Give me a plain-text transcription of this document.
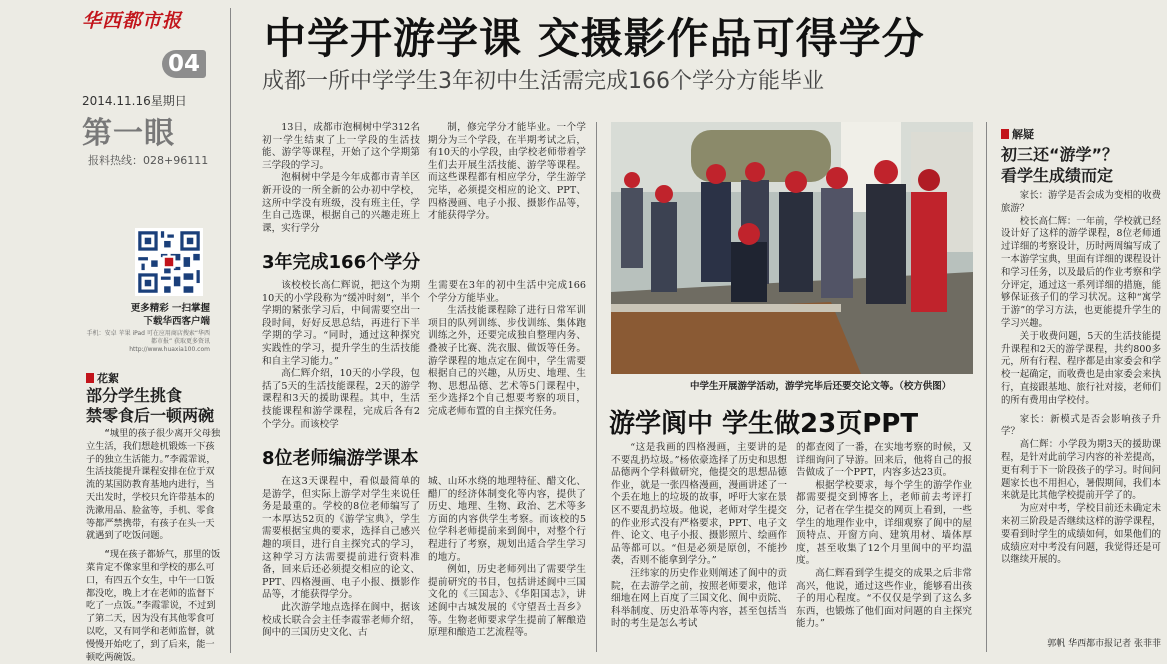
华西都市报
04
2014.11.16星期日
第一眼
报料热线：028+96111
更多精彩 一扫掌握
下载华西客户端
手机：安卓 苹果 iPad 可在应用商店搜索“华西都市报” 获取更多资讯 http://www.huaxia100.com
花絮
部分学生挑食
禁零食后一顿两碗

“城里的孩子很少离开父母独立生活，我们想趁机锻炼一下孩子的独立生活能力。”李霞霏说，生活技能提升课程安排在位于双流的某国防教育基地内进行，当天出发时，学校只允许带基本的洗漱用品、脸盆等，手机、零食等都严禁携带，有孩子在头一天就遇到了吃饭问题。

“现在孩子都娇气，那里的饭菜肯定不像家里和学校的那么可口，有四五个女生，中午一口饭都没吃，晚上才在老师的监督下吃了一点饭。”李霞霏说，不过到了第二天，因为没有其他零食可以吃，又有同学和老师监督，就慢慢开始吃了，到了后来，能一顿吃两碗饭。

中学开游学课 交摄影作品可得学分
成都一所中学学生3年初中生活需完成166个学分方能毕业

13日，成都市泡桐树中学312名初一学生结束了上一学段的生活技能、游学等课程，开始了这个学期第三学段的学习。

泡桐树中学是今年成都市青羊区新开设的一所全新的公办初中学校，这所中学没有班级，没有班主任，学生自己选课，根据自己的兴趣走班上课，实行学分

制，修完学分才能毕业。一个学期分为三个学段，在半期考试之后，有10天的小学段，由学校老师带着学生们去开展生活技能、游学等课程。而这些课程都有相应学分，学生游学完毕，必须提交相应的论文、PPT、四格漫画、电子小报、摄影作品等，才能获得学分。

3年完成166个学分

该校校长高仁辉说，把这个为期10天的小学段称为“缓冲时刻”，半个学期的紧张学习后，中间需要空出一段时间，好好反思总结，再进行下半学期的学习。“同时，通过这种探究实践性的学习，提升学生的生活技能和自主学习能力。”

高仁辉介绍，10天的小学段，包括了5天的生活技能课程，2天的游学课程和3天的援助课程。其中，生活技能课程和游学课程，完成后各有2个学分。而该校学

生需要在3年的初中生活中完成166个学分方能毕业。

生活技能课程除了进行日常军训项目的队列训练、步伐训练、集体跑训练之外，还要完成独自整理内务、叠被子比赛、洗衣服、做饭等任务。游学课程的地点定在阆中，学生需要根据自己的兴趣，从历史、地理、生物、思想品德、艺术等5门课程中，至少选择2个自己想要考察的项目，完成老师布置的自主探究任务。

8位老师编游学课本

在这3天课程中，看似最简单的是游学，但实际上游学对学生来说任务是最重的。学校的8位老师编写了一本厚达52页的《游学宝典》，学生需要根据宝典的要求，选择自己感兴趣的项目，进行自主探究式的学习，这种学习方法需要提前进行资料准备，回来后还必须提交相应的论文、PPT、四格漫画、电子小报、摄影作品等，才能获得学分。

此次游学地点选择在阆中，据该校成长联合会主任李霞霏老师介绍，阆中的三国历史文化、古

城、山环水绕的地理特征、醋文化、醋厂的经济体制变化等内容，提供了历史、地理、生物、政治、艺术等多方面的内容供学生考察。而该校的5位学科老师提前来到阆中，对整个行程进行了考察，规划出适合学生学习的地方。

例如，历史老师列出了需要学生提前研究的书目，包括讲述阆中三国文化的《三国志》、《华阳国志》，讲述阆中古城发展的《守望吾土吾乡》等。生物老师要求学生提前了解酿造原理和酿造工艺流程等。

中学生开展游学活动，游学完毕后还要交论文等。（校方供图）
游学阆中 学生做23页PPT

“这是我画的四格漫画，主要讲的是不要乱扔垃圾。”杨依豪选择了历史和思想品德两个学科做研究，他提交的思想品德作业，就是一张四格漫画，漫画讲述了一个丢在地上的垃圾的故事，呼吁大家在景区不要乱扔垃圾。他说，老师对学生提交的作业形式没有严格要求，PPT、电子文件、论文、电子小报、摄影照片、绘画作品等都可以。“但是必须是原创，不能抄袭，否则不能拿到学分。”

汪纬家的历史作业则阐述了阆中的贡院，在去游学之前，按照老师要求，他详细地在网上百度了三国文化、阆中贡院、科举制度、历史沿革等内容，甚至包括当时的考生是怎么考试

的都查阅了一番，在实地考察的时候，又详细询问了导游。回来后，他将自己的报告做成了一个PPT，内容多达23页。

根据学校要求，每个学生的游学作业都需要提交到博客上，老师前去考评打分，记者在学生提交的网页上看到，一些学生的地理作业中，详细观察了阆中的屋顶特点、开窗方向、建筑用材、墙体厚度，甚至收集了12个月里阆中的平均温度。

高仁辉看到学生提交的成果之后非常高兴，他说，通过这些作业，能够看出孩子的用心程度。“不仅仅是学到了这么多东西，也锻炼了他们面对问题的自主探究能力。”

解疑
初三还“游学”？
看学生成绩而定

家长：游学是否会成为变相的收费旅游？

校长高仁辉：一年前，学校就已经设计好了这样的游学课程，8位老师通过详细的考察设计，历时两周编写成了一本游学宝典，里面有详细的课程设计和学习任务，以及最后的作业考察和学分评定，通过这一系列详细的措施，能够保证孩子们的学习状况。这种“寓学于游”的学习方法，也更能提升学生的学习兴趣。

关于收费问题，5天的生活技能提升课程和2天的游学课程，共约800多元，所有行程、程序都是由家委会和学校一起确定，而收费也是由家委会来执行，直接跟基地、旅行社对接，老师们的所有费用由学校付。

家长：新模式是否会影响孩子升学？

高仁辉：小学段为期3天的援助课程，是针对此前学习内容的补差提高，更有利于下一阶段孩子的学习。时间问题家长也不用担心，暑假期间，我们本来就是比其他学校提前开学了的。

为应对中考，学校目前还未确定未来初三阶段是否继续这样的游学课程，要看到时学生的成绩如何，如果他们的成绩应对中考没有问题，我觉得还是可以继续开展的。

郭帆 华西都市报记者 张菲菲
